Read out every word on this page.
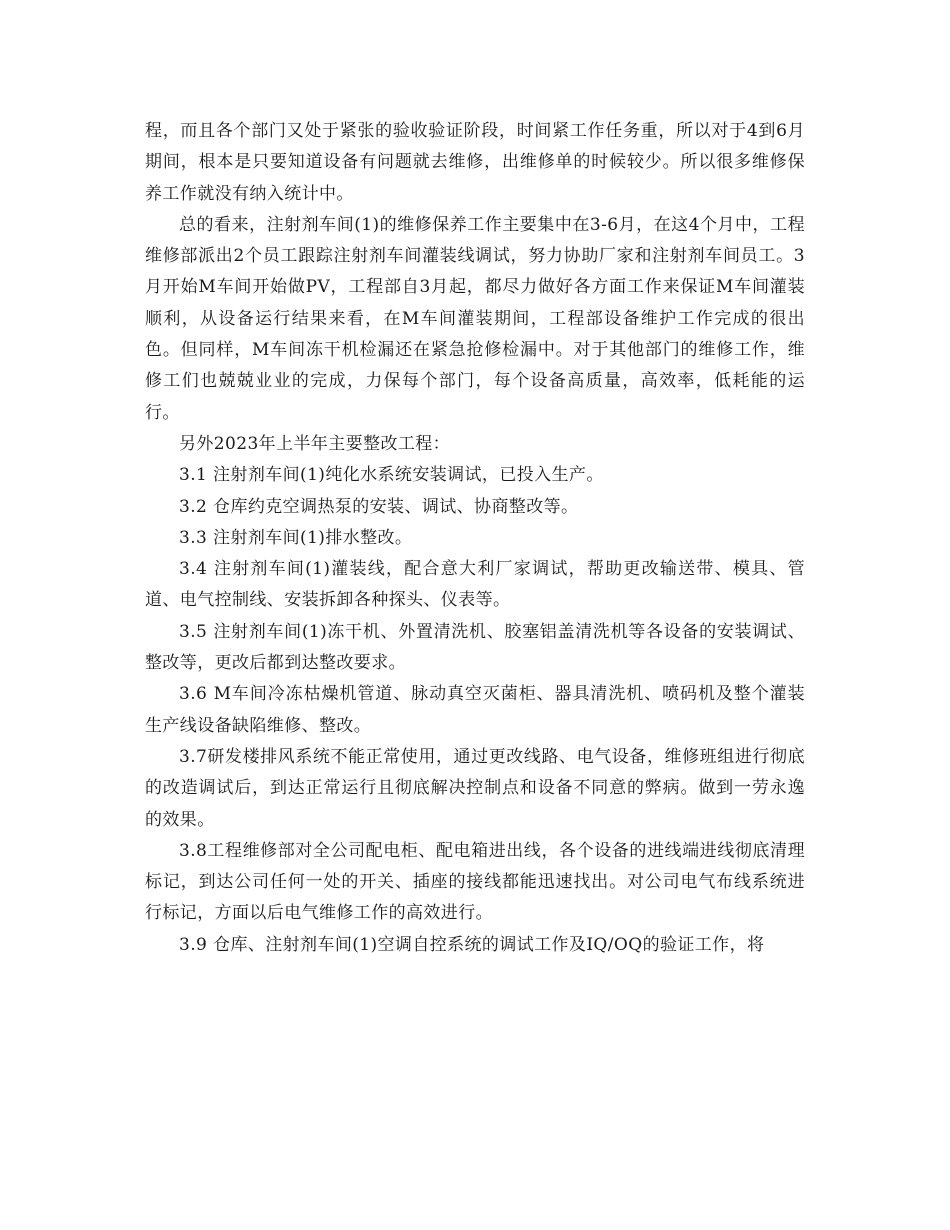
程，而且各个部门又处于紧张的验收验证阶段，时间紧工作任务重，所以对于4到6月期间，根本是只要知道设备有问题就去维修，出维修单的时候较少。所以很多维修保养工作就没有纳入统计中。

总的看来，注射剂车间(1)的维修保养工作主要集中在3-6月，在这4个月中，工程维修部派出2个员工跟踪注射剂车间灌装线调试，努力协助厂家和注射剂车间员工。3月开始M车间开始做PV，工程部自3月起，都尽力做好各方面工作来保证M车间灌装顺利，从设备运行结果来看，在M车间灌装期间，工程部设备维护工作完成的很出色。但同样，M车间冻干机检漏还在紧急抢修检漏中。对于其他部门的维修工作，维修工们也兢兢业业的完成，力保每个部门，每个设备高质量，高效率，低耗能的运行。

另外2023年上半年主要整改工程：

3.1 注射剂车间(1)纯化水系统安装调试，已投入生产。

3.2 仓库约克空调热泵的安装、调试、协商整改等。

3.3 注射剂车间(1)排水整改。

3.4 注射剂车间(1)灌装线，配合意大利厂家调试，帮助更改输送带、模具、管道、电气控制线、安装拆卸各种探头、仪表等。

3.5 注射剂车间(1)冻干机、外置清洗机、胶塞铝盖清洗机等各设备的安装调试、整改等，更改后都到达整改要求。

3.6 M车间冷冻枯燥机管道、脉动真空灭菌柜、器具清洗机、喷码机及整个灌装生产线设备缺陷维修、整改。

3.7研发楼排风系统不能正常使用，通过更改线路、电气设备，维修班组进行彻底的改造调试后，到达正常运行且彻底解决控制点和设备不同意的弊病。做到一劳永逸的效果。

3.8工程维修部对全公司配电柜、配电箱进出线，各个设备的进线端进线彻底清理标记，到达公司任何一处的开关、插座的接线都能迅速找出。对公司电气布线系统进行标记，方面以后电气维修工作的高效进行。

3.9 仓库、注射剂车间(1)空调自控系统的调试工作及IQ/OQ的验证工作，将
